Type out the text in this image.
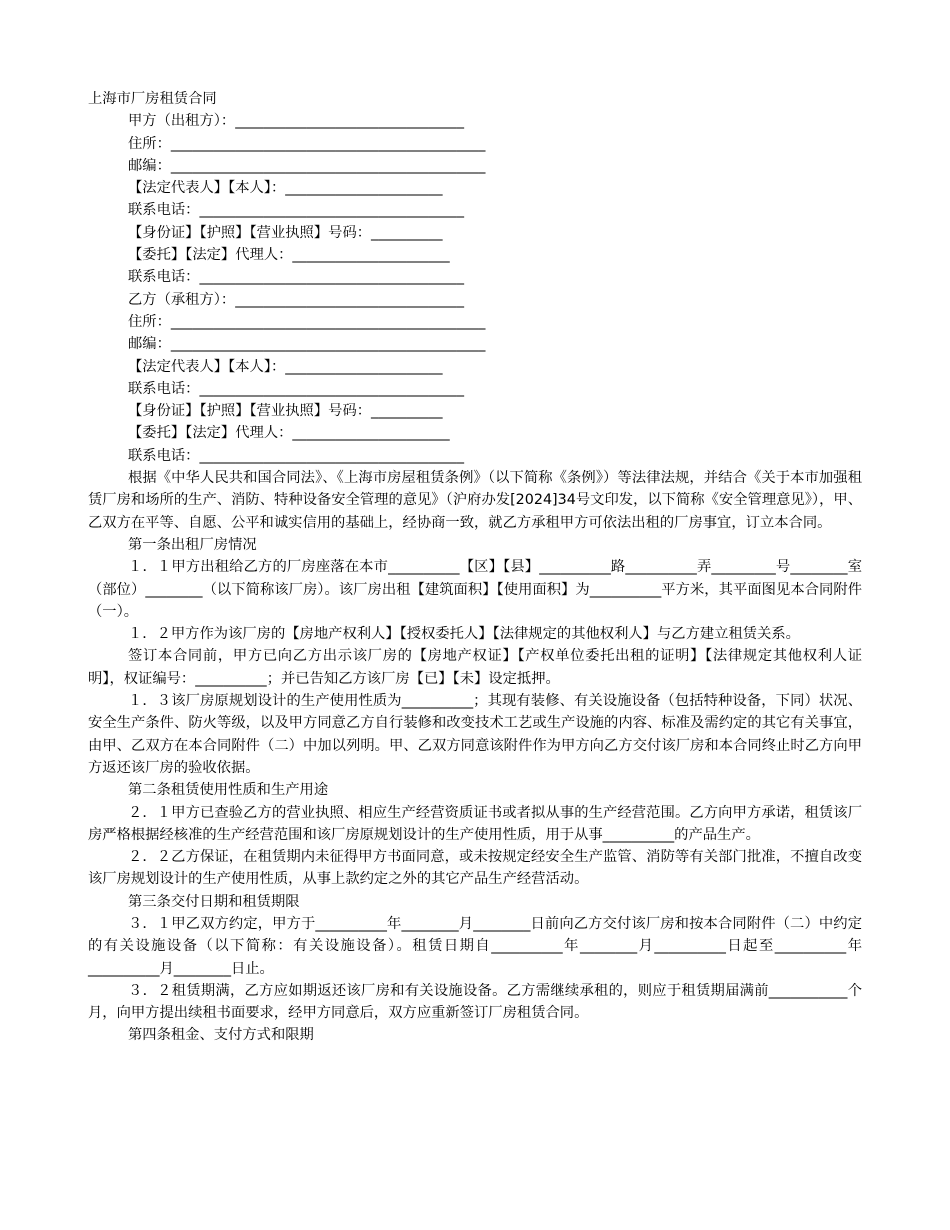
上海市厂房租赁合同
甲方（出租方）：________________________________
住所：____________________________________________
邮编：____________________________________________
【法定代表人】【本人】：______________________
联系电话：_____________________________________
【身份证】【护照】【营业执照】号码：__________
【委托】【法定】代理人：______________________
联系电话：_____________________________________
乙方（承租方）：________________________________
住所：____________________________________________
邮编：____________________________________________
【法定代表人】【本人】：______________________
联系电话：_____________________________________
【身份证】【护照】【营业执照】号码：__________
【委托】【法定】代理人：______________________
联系电话：_____________________________________

根据《中华人民共和国合同法》、《上海市房屋租赁条例》（以下简称《条例》）等法律法规，并结合《关于本市加强租赁厂房和场所的生产、消防、特种设备安全管理的意见》（沪府办发[2024]34号文印发，以下简称《安全管理意见》），甲、乙双方在平等、自愿、公平和诚实信用的基础上，经协商一致，就乙方承租甲方可依法出租的厂房事宜，订立本合同。

第一条出租厂房情况

１．１甲方出租给乙方的厂房座落在本市__________【区】【县】__________路__________弄_________号________室（部位）________（以下简称该厂房）。该厂房出租【建筑面积】【使用面积】为__________平方米，其平面图见本合同附件（一）。

１．２甲方作为该厂房的【房地产权利人】【授权委托人】【法律规定的其他权利人】与乙方建立租赁关系。

签订本合同前，甲方已向乙方出示该厂房的【房地产权证】【产权单位委托出租的证明】【法律规定其他权利人证明】，权证编号：__________；并已告知乙方该厂房【已】【未】设定抵押。

１．３该厂房原规划设计的生产使用性质为__________；其现有装修、有关设施设备（包括特种设备，下同）状况、安全生产条件、防火等级，以及甲方同意乙方自行装修和改变技术工艺或生产设施的内容、标准及需约定的其它有关事宜，由甲、乙双方在本合同附件（二）中加以列明。甲、乙双方同意该附件作为甲方向乙方交付该厂房和本合同终止时乙方向甲方返还该厂房的验收依据。

第二条租赁使用性质和生产用途

２．１甲方已查验乙方的营业执照、相应生产经营资质证书或者拟从事的生产经营范围。乙方向甲方承诺，租赁该厂房严格根据经核准的生产经营范围和该厂房原规划设计的生产使用性质，用于从事__________的产品生产。

２．２乙方保证，在租赁期内未征得甲方书面同意，或未按规定经安全生产监管、消防等有关部门批准，不擅自改变该厂房规划设计的生产使用性质，从事上款约定之外的其它产品生产经营活动。

第三条交付日期和租赁期限

３．１甲乙双方约定，甲方于__________年________月________日前向乙方交付该厂房和按本合同附件（二）中约定的有关设施设备（以下简称：有关设施设备）。租赁日期自__________年________月__________日起至__________年__________月________日止。

３．２租赁期满，乙方应如期返还该厂房和有关设施设备。乙方需继续承租的，则应于租赁期届满前___________个月，向甲方提出续租书面要求，经甲方同意后，双方应重新签订厂房租赁合同。

第四条租金、支付方式和限期
